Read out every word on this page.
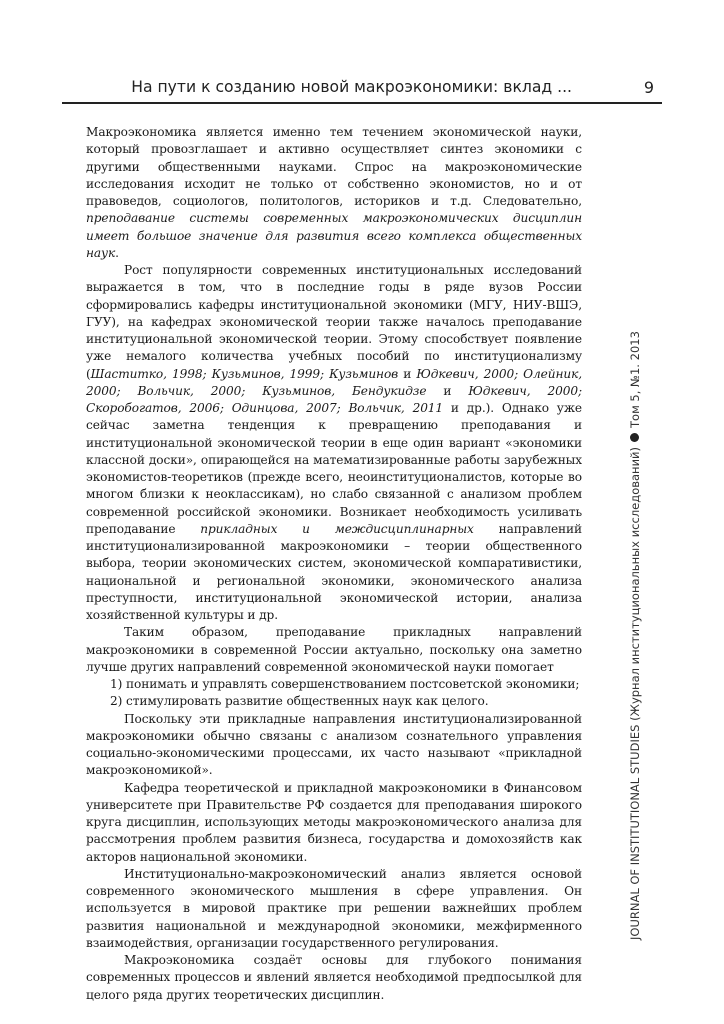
На пути к созданию новой макроэкономики: вклад ...	9

Макроэкономика является именно тем течением экономической науки, который провозглашает и активно осуществляет синтез экономики с другими общественными науками. Спрос на макроэкономические исследования исходит не только от собственно экономистов, но и от правоведов, социологов, политологов, историков и т.д. Следовательно, преподавание системы современных макроэкономических дисциплин имеет большое значение для развития всего комплекса общественных наук.

Рост популярности современных институциональных исследований выражается в том, что в последние годы в ряде вузов России сформировались кафедры институциональной экономики (МГУ, НИУ-ВШЭ, ГУУ), на кафедрах экономической теории также началось преподавание институциональной экономической теории. Этому способствует появление уже немалого количества учебных пособий по институционализму (Шаститко, 1998; Кузьминов, 1999; Кузьминов и Юдкевич, 2000; Олейник, 2000; Вольчик, 2000; Кузьминов, Бендукидзе и Юдкевич, 2000; Скоробогатов, 2006; Одинцова, 2007; Вольчик, 2011 и др.). Однако уже сейчас заметна тенденция к превращению преподавания и институциональной экономической теории в еще один вариант «экономики классной доски», опирающейся на математизированные работы зарубежных экономистов-теоретиков (прежде всего, неоинституционалистов, которые во многом близки к неоклассикам), но слабо связанной с анализом проблем современной российской экономики. Возникает необходимость усиливать преподавание прикладных и междисциплинарных направлений институционализированной макроэкономики – теории общественного выбора, теории экономических систем, экономической компаративистики, национальной и региональной экономики, экономического анализа преступности, институциональной экономической истории, анализа хозяйственной культуры и др.

Таким образом, преподавание прикладных направлений макроэкономики в современной России актуально, поскольку она заметно лучше других направлений современной экономической науки помогает

1) понимать и управлять совершенствованием постсоветской экономики;

2) стимулировать развитие общественных наук как целого.

Поскольку эти прикладные направления институционализированной макроэкономики обычно связаны с анализом сознательного управления социально-экономическими процессами, их часто называют «прикладной макроэкономикой».

Кафедра теоретической и прикладной макроэкономики в Финансовом университете при Правительстве РФ создается для преподавания широкого круга дисциплин, использующих методы макроэкономического анализа для рассмотрения проблем развития бизнеса, государства и домохозяйств как акторов национальной экономики.

Институционально-макроэкономический анализ является основой современного экономического мышления в сфере управления. Он используется в мировой практике при решении важнейших проблем развития национальной и международной экономики, межфирменного взаимодействия, организации государственного регулирования.

Макроэкономика создаёт основы для глубокого понимания современных процессов и явлений является необходимой предпосылкой для целого ряда других теоретических дисциплин.

JOURNAL OF INSTITUTIONAL STUDIES (Журнал институциональных исследований)Том 5, №1. 2013
